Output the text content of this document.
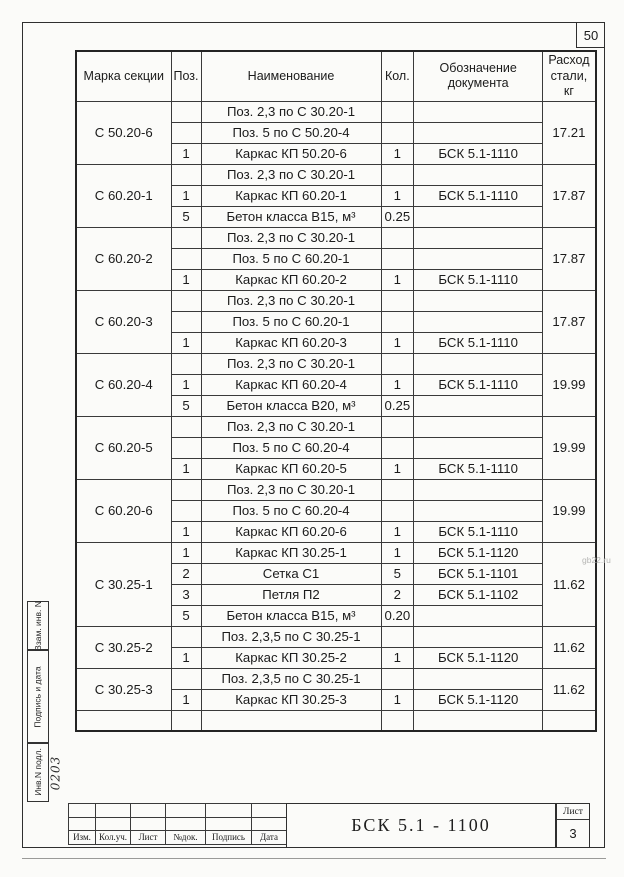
50
Марка секции	Поз.	Наименование	Кол.	Обозначение документа	Расход стали, кг
С 50.20-6		Поз. 2,3 по С 30.20-1			17.21
		Поз. 5 по С 50.20-4			
	1	Каркас КП 50.20-6	1	БСК 5.1-1110	
С 60.20-1		Поз. 2,3 по С 30.20-1			17.87
	1	Каркас КП 60.20-1	1	БСК 5.1-1110	
	5	Бетон класса В15, м³	0.25		
С 60.20-2		Поз. 2,3 по С 30.20-1			17.87
		Поз. 5 по С 60.20-1			
	1	Каркас КП 60.20-2	1	БСК 5.1-1110	
С 60.20-3		Поз. 2,3 по С 30.20-1			17.87
		Поз. 5 по С 60.20-1			
	1	Каркас КП 60.20-3	1	БСК 5.1-1110	
С 60.20-4		Поз. 2,3 по С 30.20-1			19.99
	1	Каркас КП 60.20-4	1	БСК 5.1-1110	
	5	Бетон класса В20, м³	0.25		
С 60.20-5		Поз. 2,3 по С 30.20-1			19.99
		Поз. 5 по С 60.20-4			
	1	Каркас КП 60.20-5	1	БСК 5.1-1110	
С 60.20-6		Поз. 2,3 по С 30.20-1			19.99
		Поз. 5 по С 60.20-4			
	1	Каркас КП 60.20-6	1	БСК 5.1-1110	
С 30.25-1	1	Каркас КП 30.25-1	1	БСК 5.1-1120	11.62
	2	Сетка С1	5	БСК 5.1-1101	
	3	Петля П2	2	БСК 5.1-1102	
	5	Бетон класса В15, м³	0.20		
С 30.25-2		Поз. 2,3,5 по С 30.25-1			11.62
	1	Каркас КП 30.25-2	1	БСК 5.1-1120	
С 30.25-3		Поз. 2,3,5 по С 30.25-1			11.62
	1	Каркас КП 30.25-3	1	БСК 5.1-1120	

Взам. инв. N
Подпись и дата
Инв.N подл. 0203

Изм.	Кол.уч.	Лист	№док.	Подпись	Дата
БСК 5.1 - 1100
Лист
3
gb22.ru
